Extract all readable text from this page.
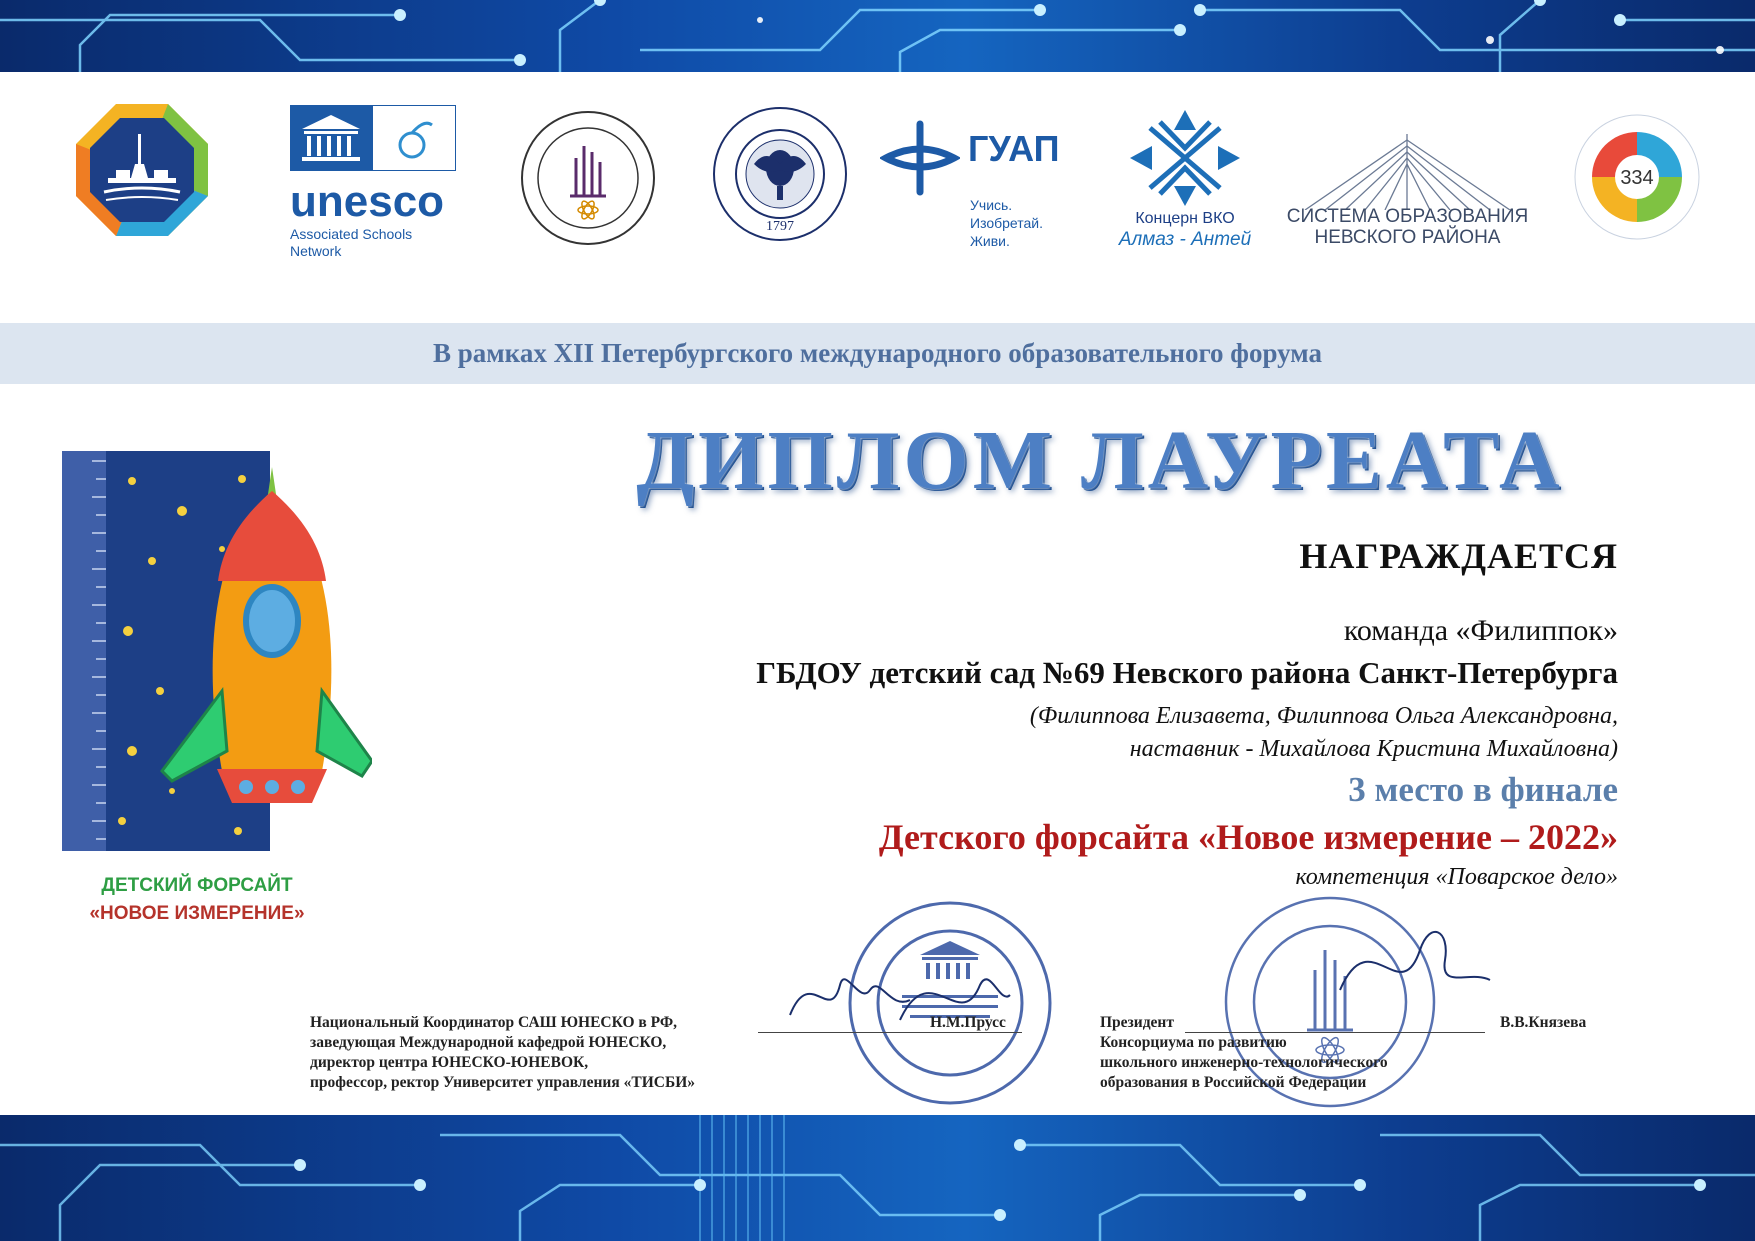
unesco
Associated Schools
Network
1797
ГУАП
Учись.
Изобретай.
Живи.
Концерн ВКО
Алмаз - Антей
СИСТЕМА ОБРАЗОВАНИЯ
НЕВСКОГО РАЙОНА
334
В рамках XII Петербургского международного образовательного форума
ДЕТСКИЙ ФОРСАЙТ
«НОВОЕ ИЗМЕРЕНИЕ»
ДИПЛОМ ЛАУРЕАТА
НАГРАЖДАЕТСЯ
команда «Филиппок»
ГБДОУ детский сад №69 Невского района Санкт-Петербурга
(Филиппова Елизавета, Филиппова Ольга Александровна,
наставник - Михайлова Кристина Михайловна)
3 место в финале
Детского форсайта «Новое измерение – 2022»
компетенция «Поварское дело»
Национальный Координатор САШ ЮНЕСКО в РФ,
заведующая Международной кафедрой ЮНЕСКО,
директор центра ЮНЕСКО-ЮНЕВОК,
профессор, ректор Университет управления «ТИСБИ»
Н.М.Прусс	Президент
Консорциума по развитию
школьного инженерно-технологического
образования в Российской Федерации
В.В.Князева
